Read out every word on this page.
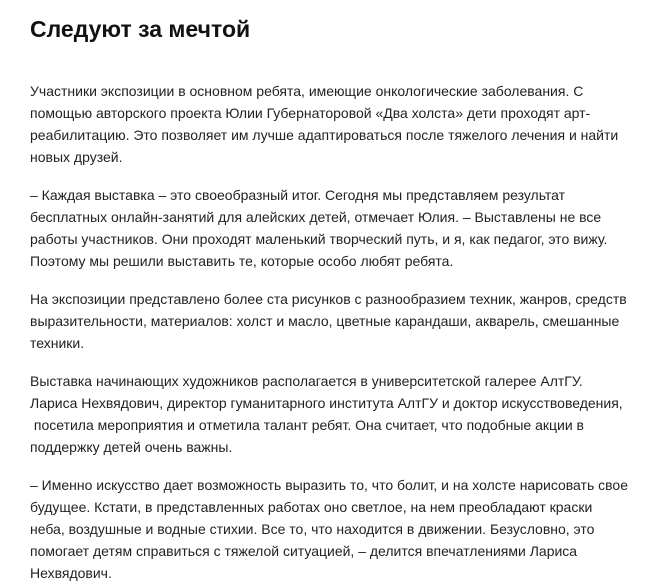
Следуют за мечтой

Участники экспозиции в основном ребята, имеющие онкологические заболевания. С
помощью авторского проекта Юлии Губернаторовой «Два холста» дети проходят арт-
реабилитацию. Это позволяет им лучше адаптироваться после тяжелого лечения и найти
новых друзей.

– Каждая выставка – это своеобразный итог. Сегодня мы представляем результат
бесплатных онлайн-занятий для алейских детей, отмечает Юлия. – Выставлены не все
работы участников. Они проходят маленький творческий путь, и я, как педагог, это вижу.
Поэтому мы решили выставить те, которые особо любят ребята.

На экспозиции представлено более ста рисунков с разнообразием техник, жанров, средств
выразительности, материалов: холст и масло, цветные карандаши, акварель, смешанные
техники.

Выставка начинающих художников располагается в университетской галерее АлтГУ.
Лариса Нехвядович, директор гуманитарного института АлтГУ и доктор искусствоведения,
посетила мероприятия и отметила талант ребят. Она считает, что подобные акции в
поддержку детей очень важны.

– Именно искусство дает возможность выразить то, что болит, и на холсте нарисовать свое
будущее. Кстати, в представленных работах оно светлое, на нем преобладают краски
неба, воздушные и водные стихии. Все то, что находится в движении. Безусловно, это
помогает детям справиться с тяжелой ситуацией, – делится впечатлениями Лариса
Нехвядович.
